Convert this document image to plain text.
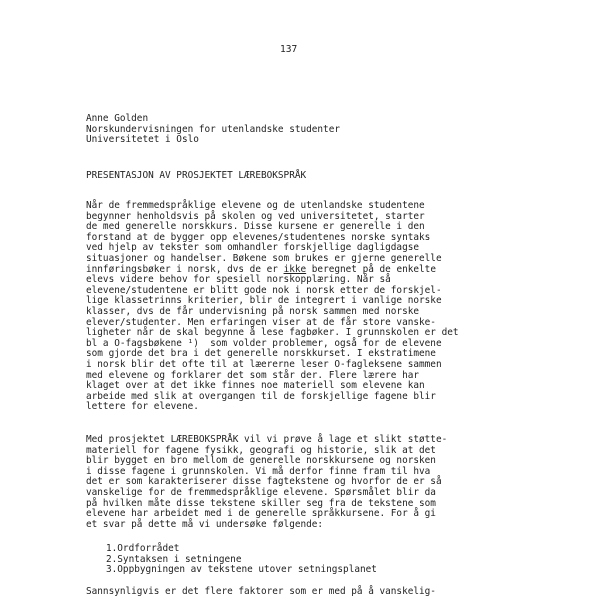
137
Anne Golden
Norskundervisningen for utenlandske studenter
Universitetet i Oslo
PRESENTASJON AV PROSJEKTET LÆREBOKSPRÅK
Når de fremmedspråklige elevene og de utenlandske studentene
begynner henholdsvis på skolen og ved universitetet, starter
de med generelle norskkurs. Disse kursene er generelle i den
forstand at de bygger opp elevenes/studentenes norske syntaks
ved hjelp av tekster som omhandler forskjellige dagligdagse
situasjoner og handelser. Bøkene som brukes er gjerne generelle
innføringsbøker i norsk, dvs de er ikke beregnet på de enkelte
elevs videre behov for spesiell norskopplæring. Når så
elevene/studentene er blitt gode nok i norsk etter de forskjel-
lige klassetrinns kriterier, blir de integrert i vanlige norske
klasser, dvs de får undervisning på norsk sammen med norske
elever/studenter. Men erfaringen viser at de får store vanske-
ligheter når de skal begynne å lese fagbøker. I grunnskolen er det
bl a O-fagsbøkene ¹)  som volder problemer, også for de elevene
som gjorde det bra i det generelle norskkurset. I ekstratimene
i norsk blir det ofte til at læererne leser O-fagleksene sammen
med elevene og forklarer det som står der. Flere lærere har
klaget over at det ikke finnes noe materiell som elevene kan
arbeide med slik at overgangen til de forskjellige fagene blir
lettere for elevene.
Med prosjektet LÆREBOKSPRÅK vil vi prøve å lage et slikt støtte-
materiell for fagene fysikk, geografi og historie, slik at det
blir bygget en bro mellom de generelle norskkursene og norsken
i disse fagene i grunnskolen. Vi må derfor finne fram til hva
det er som karakteriserer disse fagtekstene og hvorfor de er så
vanskelige for de fremmedspråklige elevene. Spørsmålet blir da
på hvilken måte disse tekstene skiller seg fra de tekstene som
elevene har arbeidet med i de generelle språkkursene. For å gi
et svar på dette må vi undersøke følgende:
1.Ordforrådet
2.Syntaksen i setningene
3.Oppbygningen av tekstene utover setningsplanet
Sannsynligvis er det flere faktorer som er med på å vanskelig-
